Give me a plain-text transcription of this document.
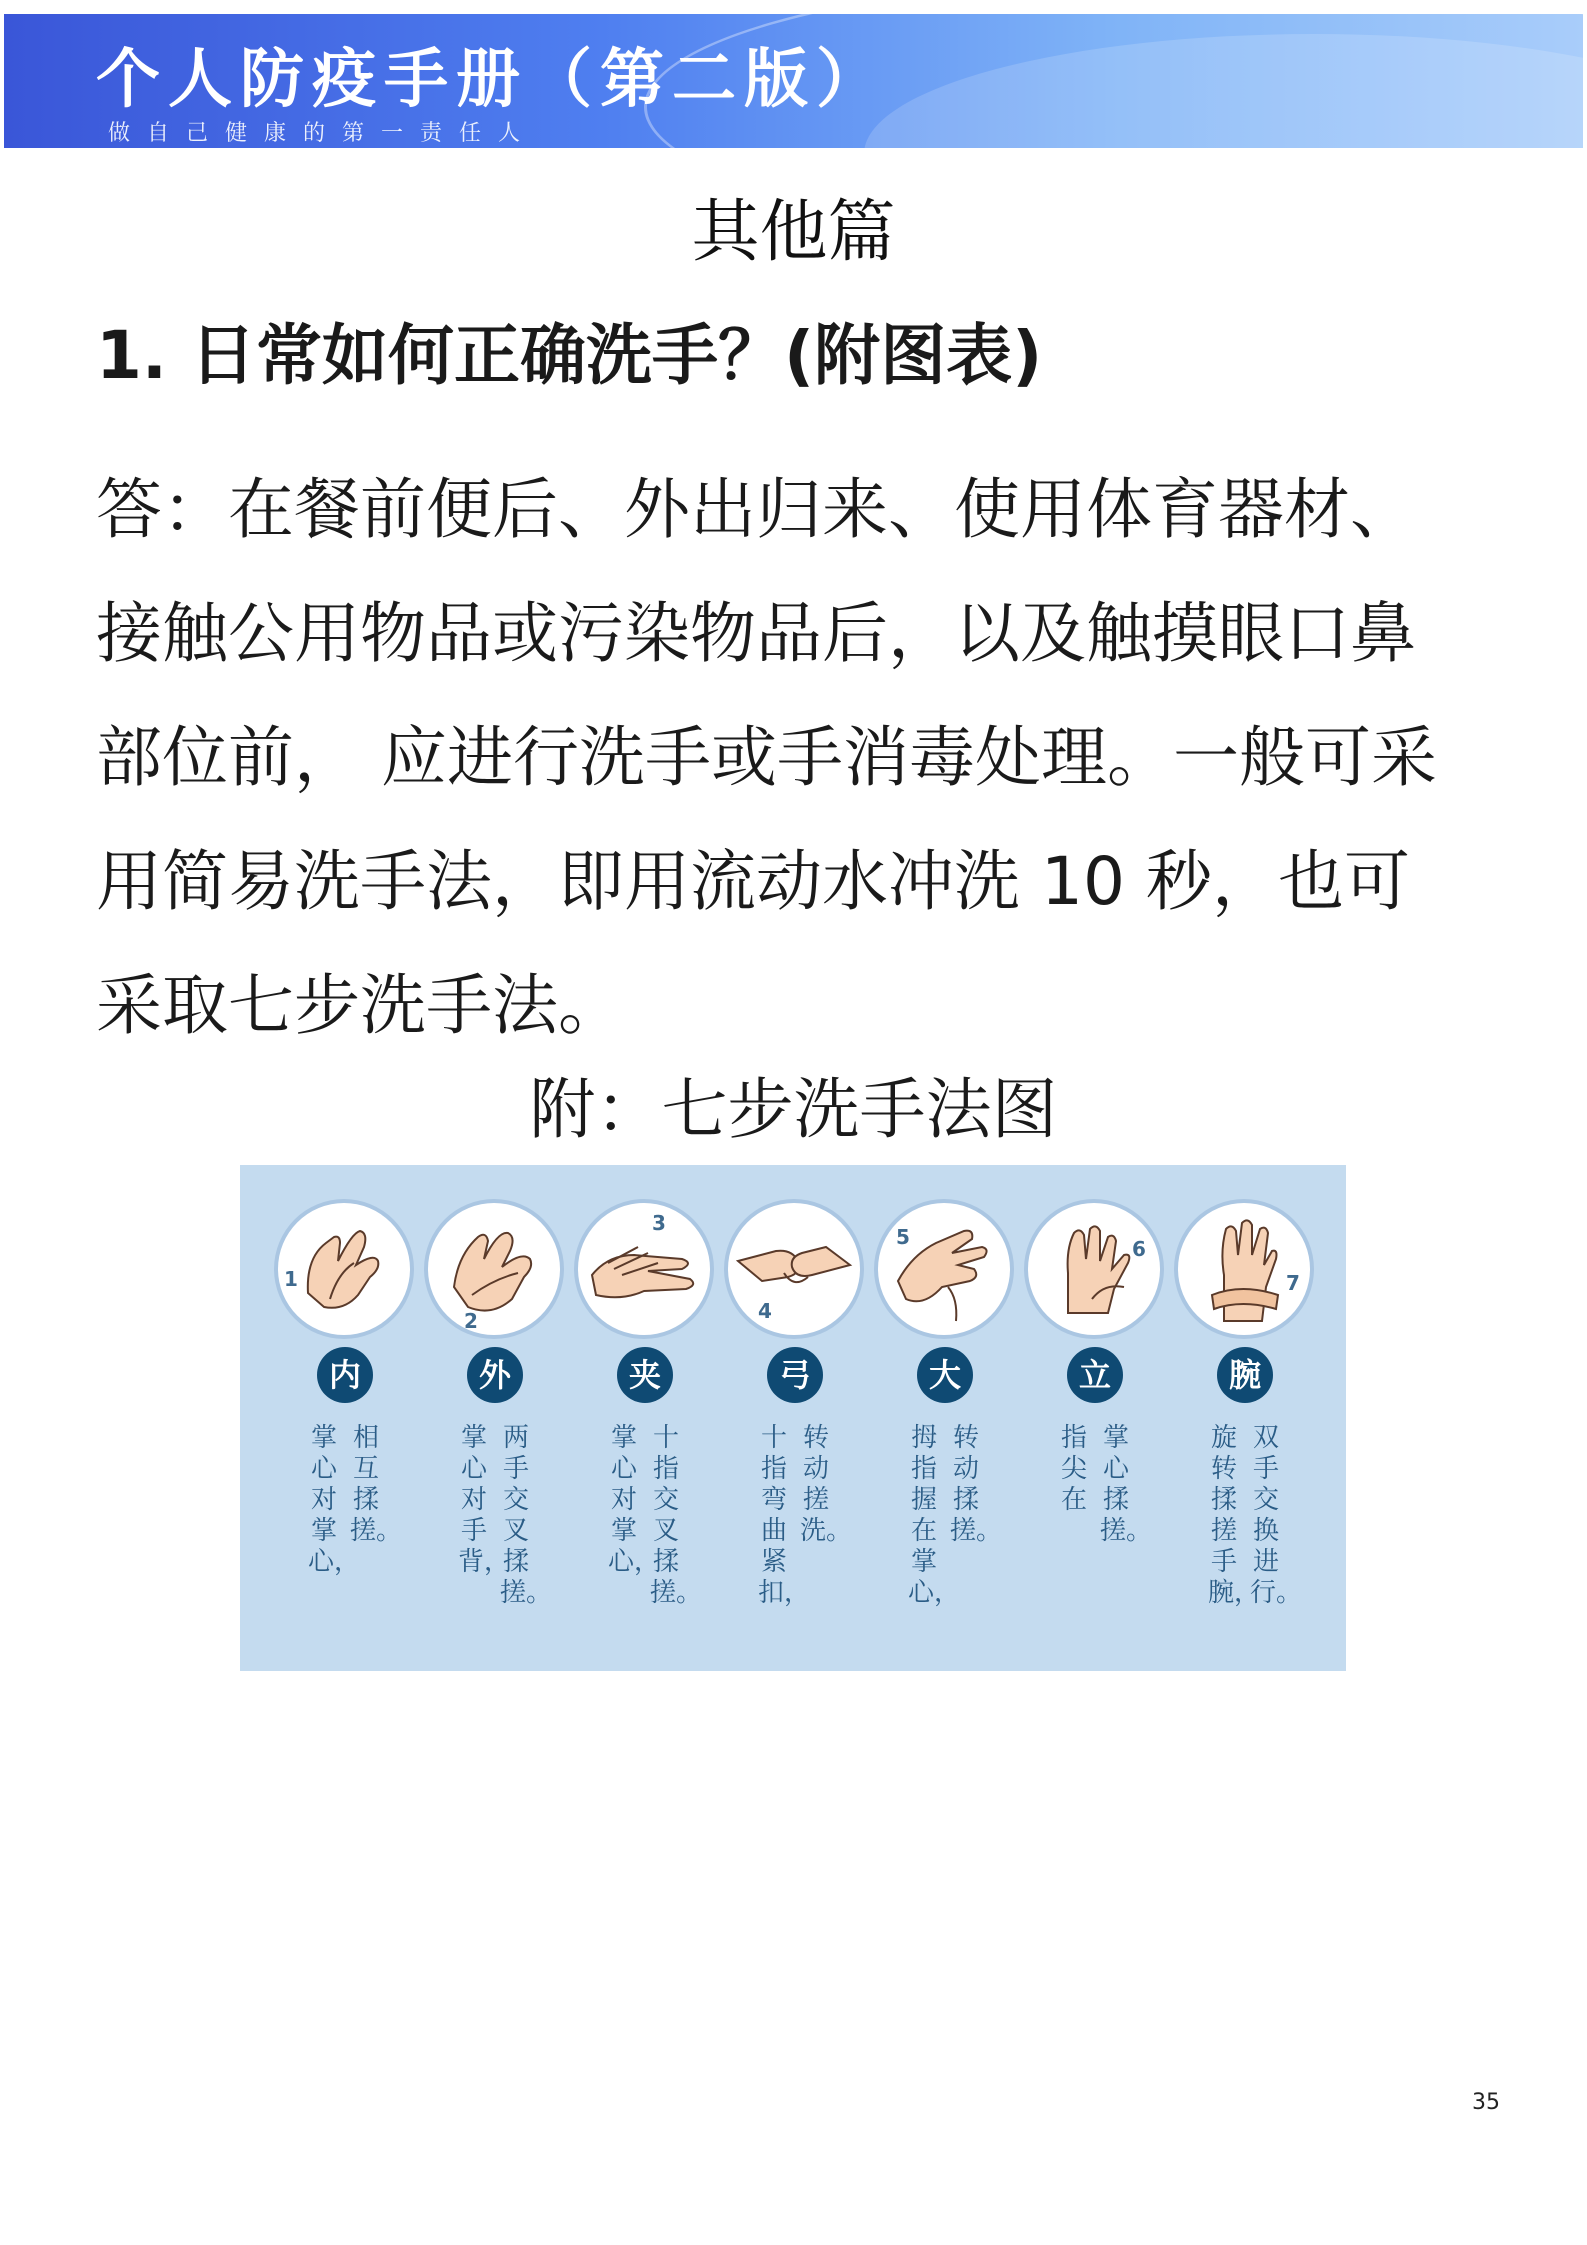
个人防疫手册（第二版）
做自己健康的第一责任人
其他篇
1. 日常如何正确洗手？(附图表)
答：在餐前便后、外出归来、使用体育器材、
接触公用物品或污染物品后，以及触摸眼口鼻
部位前， 应进行洗手或手消毒处理。一般可采
用简易洗手法，即用流动水冲洗 10 秒，也可
采取七步洗手法。
附：七步洗手法图
1
内
相互揉搓。
掌心对掌心，
2
外
两手交叉揉搓。
掌心对手背，
3
夹
十指交叉揉搓。
掌心对掌心，
4
弓
转动搓洗。
十指弯曲紧扣，
5
大
转动揉搓。
拇指握在掌心，
6
立
掌心揉搓。
指尖在
7
腕
双手交换进行。
旋转揉搓手腕，
35
